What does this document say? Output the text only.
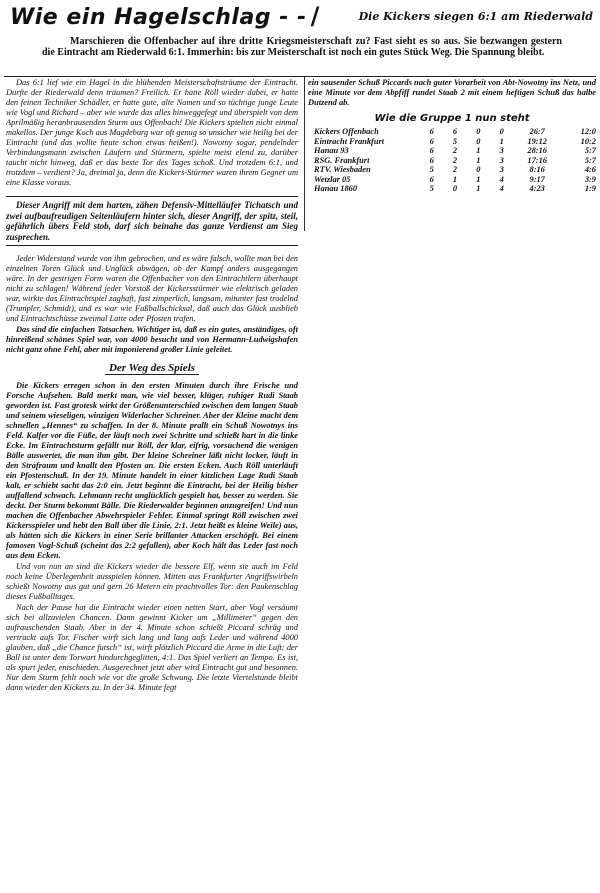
Wie ein Hagelschlag - - /	Die Kickers siegen 6:1 am Riederwald

Marschieren die Offenbacher auf ihre dritte Kriegsmeisterschaft zu? Fast sieht es so aus. Sie bezwangen gestern die Eintracht am Riederwald 6:1. Immerhin: bis zur Meisterschaft ist noch ein gutes Stück Weg. Die Spannung bleibt.

Das 6:1 lief wie ein Hagel in die blühenden Meisterschaftsträume der Eintracht. Durfte der Riederwald denn träumen? Freilich. Er hatte Röll wieder dabei, er hatte den feinen Techniker Schädler, er hatte gute, alte Namen und so tüchtige junge Leute wie Vogl und Richard – aber wie wurde das alles hinweggefegt und überspielt von dem Aprilmäßig heranbrausenden Sturm aus Offenbach! Die Kickers spielten nicht einmal makellos. Der junge Koch aus Magdeburg war oft genug so unsicher wie heilig bei der Eintracht (und das wollte heute schon etwas heißen!). Nowotny sogar, pendelnder Verbindungsmann zwischen Läufern und Stürmern, spielte meist elend zu, darüber taucht nicht hinweg, daß er das beste Tor des Tages schoß. Und trotzdem 6:1, und trotzdem – verdient? Ja, dreimal ja, denn die Kickers-Stürmer waren ihrem Gegner um eine Klasse voraus.

Dieser Angriff mit dem harten, zähen Defensiv-Mittelläufer Tichatsch und zwei aufbaufreudigen Seitenläufern hinter sich, dieser Angriff, der spitz, steil, gefährlich übers Feld stob, darf sich beinahe das ganze Verdienst am Sieg zusprechen.

Jeder Widerstand wurde von ihm gebrochen, und es wäre falsch, wollte man bei den einzelnen Toren Glück und Unglück abwägen, ob der Kampf anders ausgegangen wäre. In der gestrigen Form waren die Offenbacher von den Eintrachtlern überhaupt nicht zu schlagen! Während jeder Vorstoß der Kickersstürmer wie elektrisch geladen war, wirkte das Eintrachtspiel zaghaft, fast zimperlich, langsam, mitunter fast trodelnd (Trumpler, Schmidt), und es war wie Fußballschicksal, daß auch das Glück ausblieb und Eintrachtschüsse zweimal Latte oder Pfosten trafen.

Das sind die einfachen Tatsachen. Wichtiger ist, daß es ein gutes, anständiges, oft hinreißend schönes Spiel war, von 4000 besucht und von Hermann-Ludwigshafen nicht ganz ohne Fehl, aber mit imponierend großer Linie geleitet.

Der Weg des Spiels

Die Kickers erregen schon in den ersten Minuten durch ihre Frische und Forsche Aufsehen. Bald merkt man, wie viel besser, klüger, ruhiger Rudi Staab geworden ist. Fast grotesk wirkt der Größenunterschied zwischen dem langen Staab und seinem wieseligen, winzigen Widerlacher Schreiner. Aber der Kleine macht dem schnellen „Hennes“ zu schaffen. In der 8. Minute prallt ein Schuß Nowotnys ins Feld. Kalfer vor die Füße, der läuft noch zwei Schritte und schießt hart in die linke Ecke. Im Eintrachtsturm gefällt nur Röll, der klar, eifrig, vorsuchend die wenigen Bälle auswertet, die man ihm gibt. Der kleine Schreiner läßt nicht locker, läuft in den Strafraum und knallt den Pfosten an. Die ersten Ecken. Auch Röll unterläuft ein Pfostenschuß. In der 19. Minute handelt in einer kitzlichen Lage Rudi Staab kalt, er schiebt sacht das 2:0 ein. Jetzt beginnt die Eintracht, bei der Heilig bisher auffallend schwach. Lehmann recht unglücklich gespielt hat, besser zu werden. Sie deckt. Der Sturm bekommt Bälle. Die Riederwalder beginnen anzugreifen! Und nun machen die Offenbacher Abwehrspieler Fehler. Einmal springt Röll zwischen zwei Kickersspieler und hebt den Ball über die Linie, 2:1. Jetzt heißt es kleine Weile) aus, als hätten sich die Kickers in einer Serie brillanter Attacken erschöpft. Bei einem famosen Vogl-Schuß (scheint das 2:2 gefallen), aber Koch hält das Leder fast noch aus dem Ecken.

Und von nun an sind die Kickers wieder die bessere Elf, wenn sie auch im Feld noch keine Überlegenheit ausspielen können. Mitten aus Frankfurter Angriffswirbeln schießt Nowotny aus gut und gern 26 Metern ein prachtvolles Tor: den Paukenschlag dieses Fußballtages.

Nach der Pause hat die Eintracht wieder einen netten Start, aber Vogl versäumt sich bei allzuvielen Chancen. Dann gewinnt Kicker um „Millimeter“ gegen den aufrauschenden Staab. Aber in der 4. Minute schon schießt Piccard schräg und vertrackt aufs Tor. Fischer wirft sich lang und lang aufs Leder und während 4000 glauben, daß „die Chance futsch“ ist, wirft plötzlich Piccard die Arme in die Luft: der Ball ist unter dem Torwart hindurchgeglitten, 4:1. Das Spiel verliert an Tempo. Es ist, als spurt jeder, entschieden. Ausgerechnet jetzt aber wird Eintracht gut und besonnen. Nur dem Sturm fehlt noch wie vor die große Schwung. Die letzte Viertelstunde bleibt dann wieder den Kickers zu. In der 34. Minute fegt

ein sausender Schuß Piccards nach guter Vorarbeit von Abt-Nowotny ins Netz, und eine Minute vor dem Abpfiff rundet Staab 2 mit einem heftigen Schuß das halbe Dutzend ab.

Wie die Gruppe 1 nun steht
Kickers Offenbach	6	6	0	0	26:7	12:0
Eintracht Frankfurt	6	5	0	1	19:12	10:2
Hanau 93	6	2	1	3	28:16	5:7
RSG. Frankfurt	6	2	1	3	17:16	5:7
RTV. Wiesbaden	5	2	0	3	8:16	4:6
Wetzlar 05	6	1	1	4	9:17	3:9
Hanau 1860	5	0	1	4	4:23	1:9
